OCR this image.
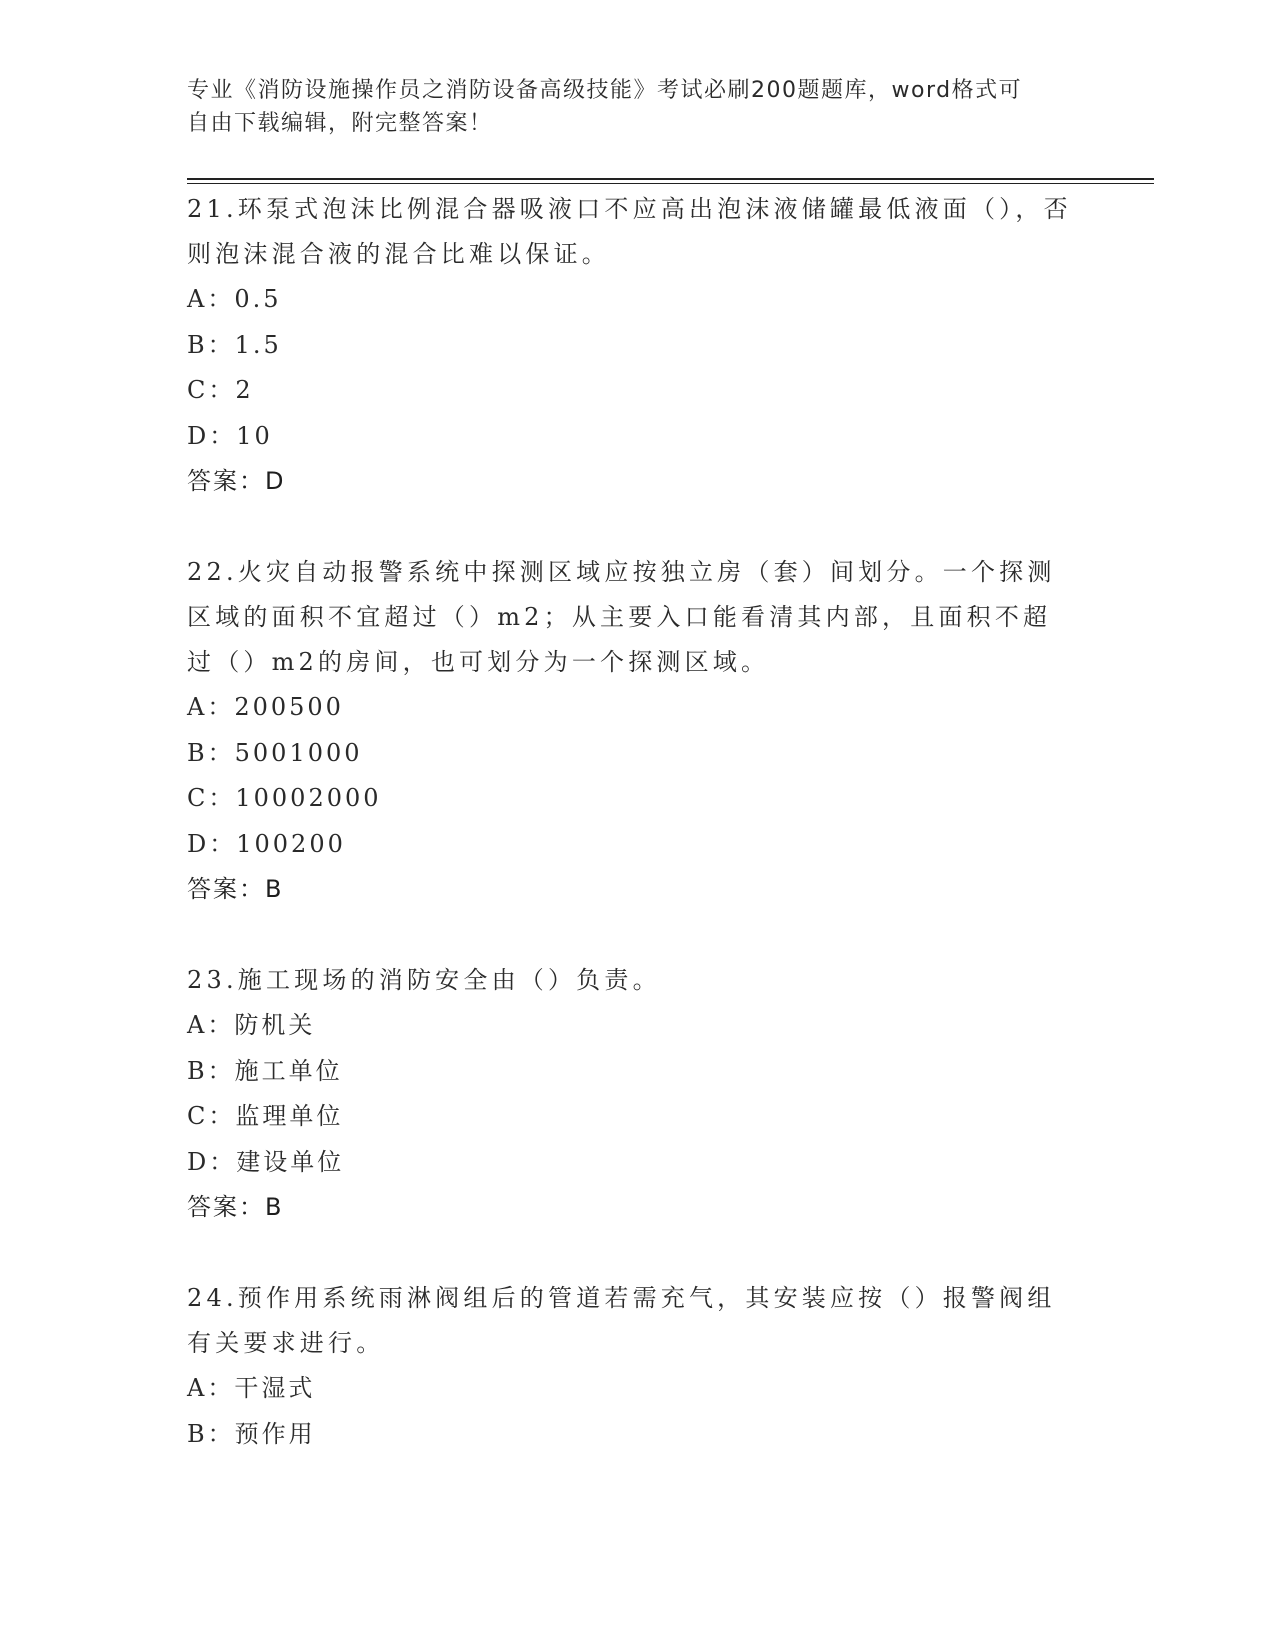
专业《消防设施操作员之消防设备高级技能》考试必刷200题题库，word格式可
自由下载编辑，附完整答案！

21.环泵式泡沫比例混合器吸液口不应高出泡沫液储罐最低液面（），否则泡沫混合液的混合比难以保证。

A：0.5
B：1.5
C：2
D：10
答案：D

22.火灾自动报警系统中探测区域应按独立房（套）间划分。一个探测区域的面积不宜超过（）m2；从主要入口能看清其内部，且面积不超过（）m2的房间，也可划分为一个探测区域。

A：200500
B：5001000
C：10002000
D：100200
答案：B

23.施工现场的消防安全由（）负责。

A：防机关
B：施工单位
C：监理单位
D：建设单位
答案：B

24.预作用系统雨淋阀组后的管道若需充气，其安装应按（）报警阀组有关要求进行。

A：干湿式
B：预作用
